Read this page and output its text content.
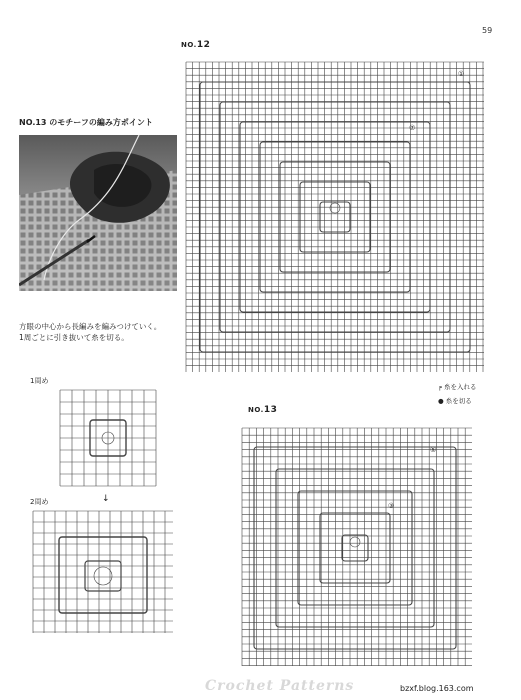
59
NO.12
①
⑦
NO.13 のモチーフの編み方ポイント
方眼の中心から長編みを編みつけていく。
1周ごとに引き抜いて糸を切る。
1周め
↓
2周め
╒ 糸を入れる
● 糸を切る
NO.13
⑤
③
Crochet Patterns	bzxf.blog.163.com
